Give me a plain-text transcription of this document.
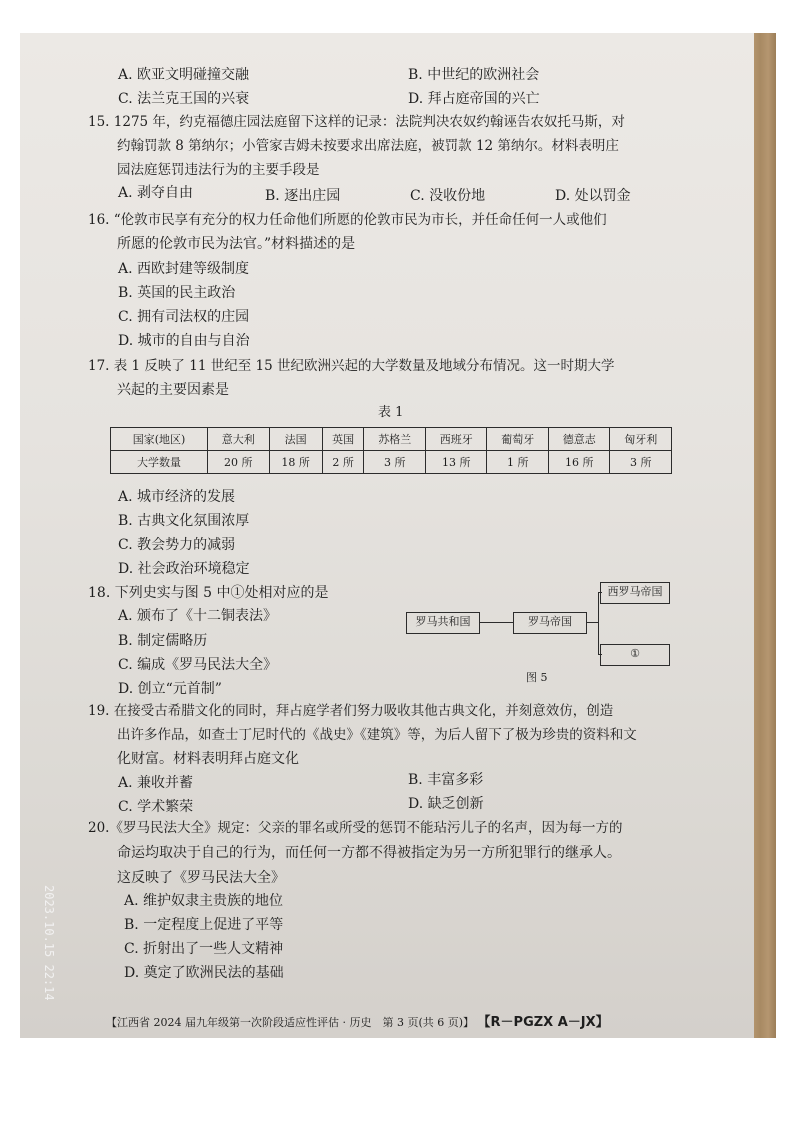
A. 欧亚文明碰撞交融	B. 中世纪的欧洲社会
C. 法兰克王国的兴衰	D. 拜占庭帝国的兴亡
15. 1275 年，约克福德庄园法庭留下这样的记录：法院判决农奴约翰诬告农奴托马斯，对
约翰罚款 8 第纳尔；小管家吉姆未按要求出席法庭，被罚款 12 第纳尔。材料表明庄
园法庭惩罚违法行为的主要手段是
A. 剥夺自由	B. 逐出庄园	C. 没收份地	D. 处以罚金
16. “伦敦市民享有充分的权力任命他们所愿的伦敦市民为市长，并任命任何一人或他们
所愿的伦敦市民为法官。”材料描述的是
A. 西欧封建等级制度
B. 英国的民主政治
C. 拥有司法权的庄园
D. 城市的自由与自治
17. 表 1 反映了 11 世纪至 15 世纪欧洲兴起的大学数量及地域分布情况。这一时期大学
兴起的主要因素是
表 1
国家(地区)	意大利	法国	英国	苏格兰	西班牙	葡萄牙	德意志	匈牙利
大学数量	20 所	18 所	2 所	3 所	13 所	1 所	16 所	3 所
A. 城市经济的发展
B. 古典文化氛围浓厚
C. 教会势力的减弱
D. 社会政治环境稳定
18. 下列史实与图 5 中①处相对应的是
A. 颁布了《十二铜表法》
B. 制定儒略历
C. 编成《罗马民法大全》
D. 创立“元首制”
罗马共和国	罗马帝国
西罗马帝国
①
图 5
19. 在接受古希腊文化的同时，拜占庭学者们努力吸收其他古典文化，并刻意效仿，创造
出许多作品，如查士丁尼时代的《战史》《建筑》等，为后人留下了极为珍贵的资料和文
化财富。材料表明拜占庭文化
A. 兼收并蓄	B. 丰富多彩
C. 学术繁荣	D. 缺乏创新
20.《罗马民法大全》规定：父亲的罪名或所受的惩罚不能玷污儿子的名声，因为每一方的
命运均取决于自己的行为，而任何一方都不得被指定为另一方所犯罪行的继承人。
这反映了《罗马民法大全》
A. 维护奴隶主贵族的地位
B. 一定程度上促进了平等
C. 折射出了一些人文精神
D. 奠定了欧洲民法的基础
2023.10.15 22:14
【江西省 2024 届九年级第一次阶段适应性评估 · 历史　第 3 页(共 6 页)】 【R－PGZX A－JX】
